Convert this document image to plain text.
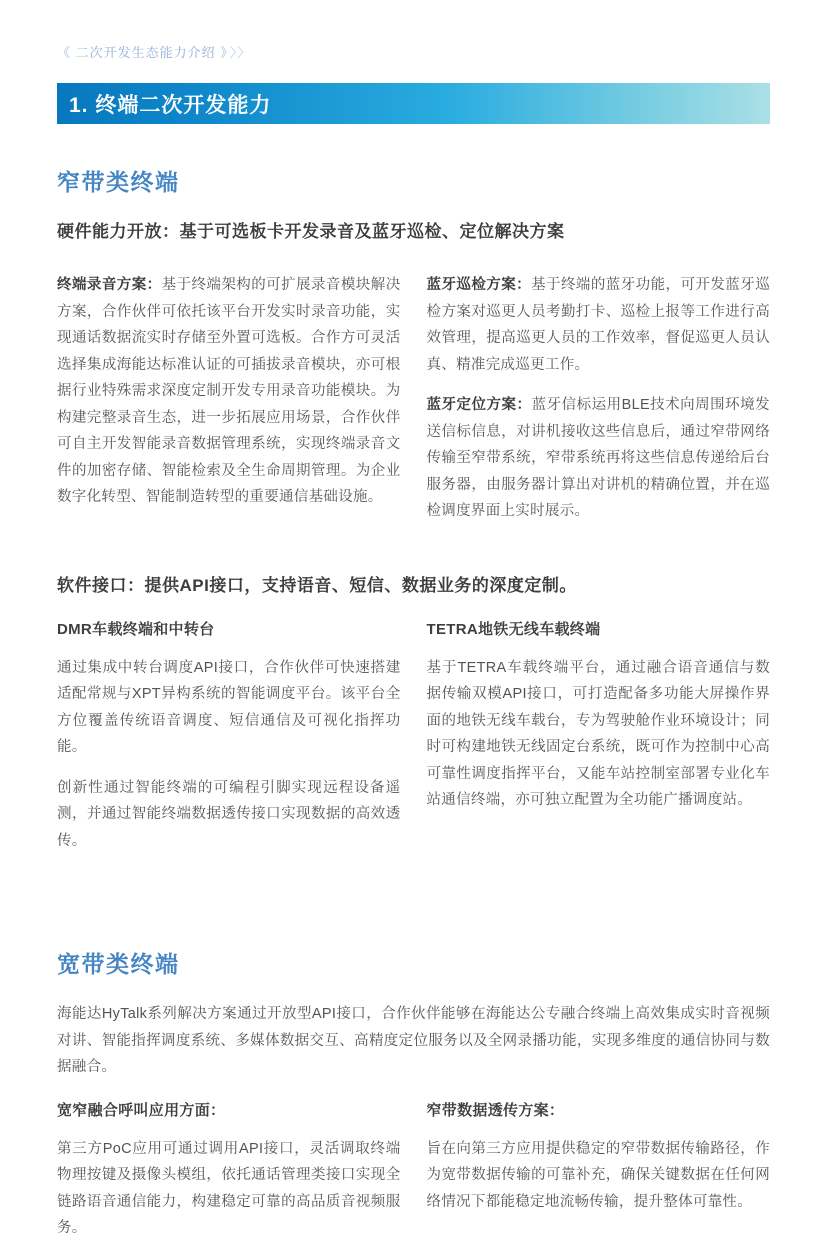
《 二次开发生态能力介绍 》 〉〉
1. 终端二次开发能力
窄带类终端
硬件能力开放：基于可选板卡开发录音及蓝牙巡检、定位解决方案

终端录音方案：基于终端架构的可扩展录音模块解决方案，合作伙伴可依托该平台开发实时录音功能，实现通话数据流实时存储至外置可选板。合作方可灵活选择集成海能达标准认证的可插拔录音模块，亦可根据行业特殊需求深度定制开发专用录音功能模块。为构建完整录音生态，进一步拓展应用场景，合作伙伴可自主开发智能录音数据管理系统，实现终端录音文件的加密存储、智能检索及全生命周期管理。为企业数字化转型、智能制造转型的重要通信基础设施。

蓝牙巡检方案：基于终端的蓝牙功能，可开发蓝牙巡检方案对巡更人员考勤打卡、巡检上报等工作进行高效管理，提高巡更人员的工作效率，督促巡更人员认真、精准完成巡更工作。

蓝牙定位方案：蓝牙信标运用BLE技术向周围环境发送信标信息，对讲机接收这些信息后，通过窄带网络传输至窄带系统，窄带系统再将这些信息传递给后台服务器，由服务器计算出对讲机的精确位置，并在巡检调度界面上实时展示。

软件接口：提供API接口，支持语音、短信、数据业务的深度定制。
DMR车载终端和中转台

通过集成中转台调度API接口，合作伙伴可快速搭建适配常规与XPT异构系统的智能调度平台。该平台全方位覆盖传统语音调度、短信通信及可视化指挥功能。

创新性通过智能终端的可编程引脚实现远程设备遥测，并通过智能终端数据透传接口实现数据的高效透传。

TETRA地铁无线车载终端

基于TETRA车载终端平台，通过融合语音通信与数据传输双模API接口，可打造配备多功能大屏操作界面的地铁无线车载台，专为驾驶舱作业环境设计；同时可构建地铁无线固定台系统，既可作为控制中心高可靠性调度指挥平台，又能车站控制室部署专业化车站通信终端，亦可独立配置为全功能广播调度站。

宽带类终端

海能达HyTalk系列解决方案通过开放型API接口，合作伙伴能够在海能达公专融合终端上高效集成实时音视频对讲、智能指挥调度系统、多媒体数据交互、高精度定位服务以及全网录播功能，实现多维度的通信协同与数据融合。

宽窄融合呼叫应用方面：

第三方PoC应用可通过调用API接口，灵活调取终端物理按键及摄像头模组，依托通话管理类接口实现全链路语音通信能力，构建稳定可靠的高品质音视频服务。

窄带数据透传方案：

旨在向第三方应用提供稳定的窄带数据传输路径，作为宽带数据传输的可靠补充，确保关键数据在任何网络情况下都能稳定地流畅传输，提升整体可靠性。
